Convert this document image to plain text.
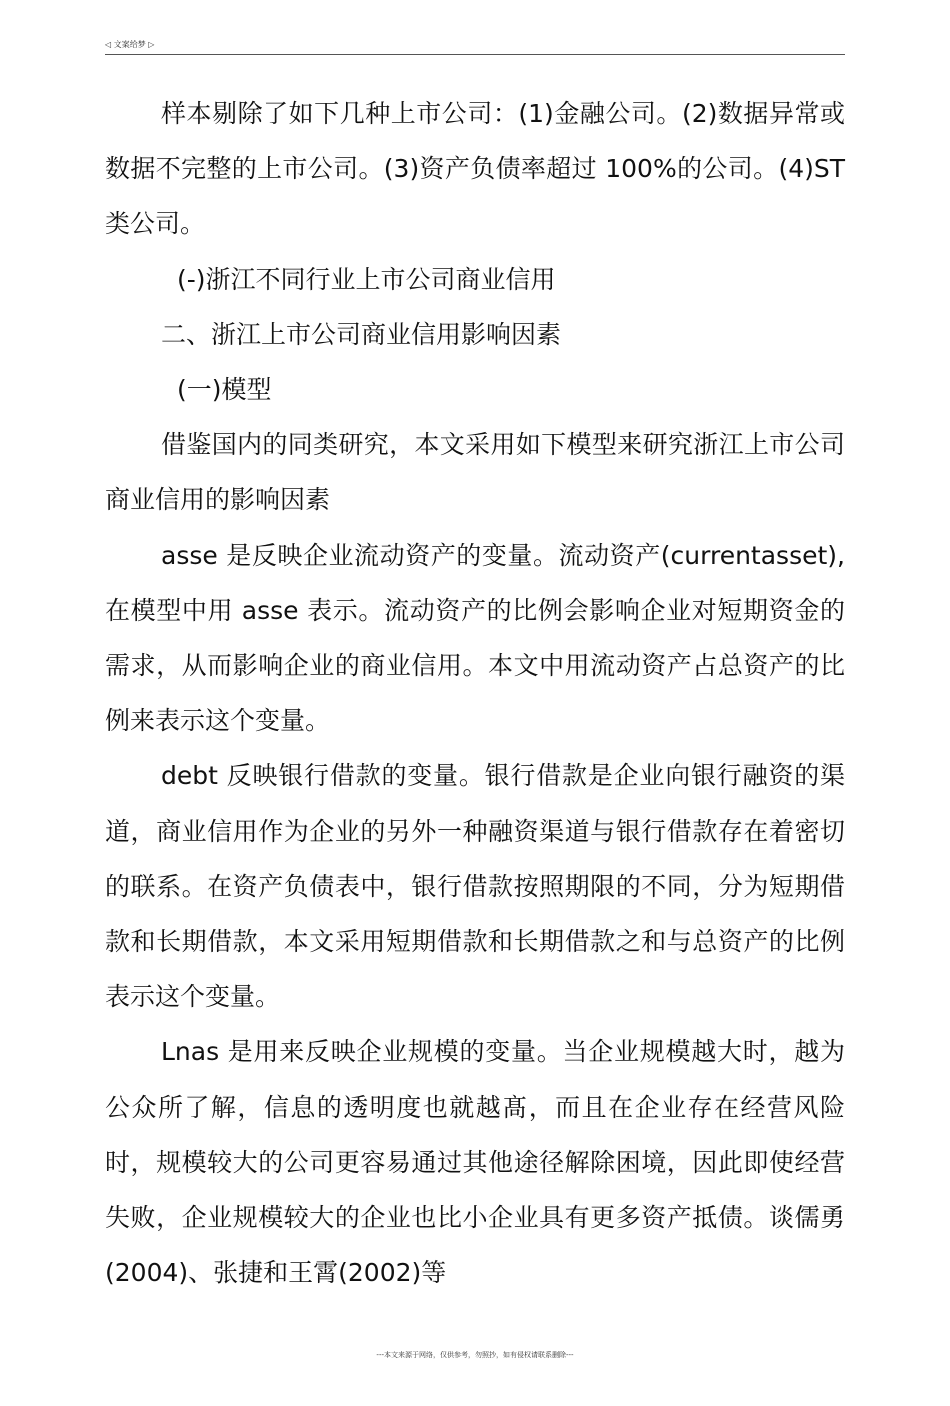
◁ 文案给梦 ▷

样本剔除了如下几种上市公司：(1)金融公司。(2)数据异常或数据不完整的上市公司。(3)资产负债率超过 100%的公司。(4)ST 类公司。

(-)浙江不同行业上市公司商业信用

二、浙江上市公司商业信用影响因素

(一)模型

借鉴国内的同类研究，本文采用如下模型来研究浙江上市公司商业信用的影响因素

asse 是反映企业流动资产的变量。流动资产(currentasset),在模型中用 asse 表示。流动资产的比例会影响企业对短期资金的需求，从而影响企业的商业信用。本文中用流动资产占总资产的比例来表示这个变量。

debt 反映银行借款的变量。银行借款是企业向银行融资的渠道，商业信用作为企业的另外一种融资渠道与银行借款存在着密切的联系。在资产负债表中，银行借款按照期限的不同，分为短期借款和长期借款，本文采用短期借款和长期借款之和与总资产的比例表示这个变量。

Lnas 是用来反映企业规模的变量。当企业规模越大时，越为公众所了解，信息的透明度也就越髙，而且在企业存在经营风险时，规模较大的公司更容易通过其他途径解除困境，因此即使经营失败，企业规模较大的企业也比小企业具有更多资产抵债。谈儒勇(2004)、张捷和王霄(2002)等

---本文来源于网络，仅供参考，勿照抄，如有侵权请联系删除---
